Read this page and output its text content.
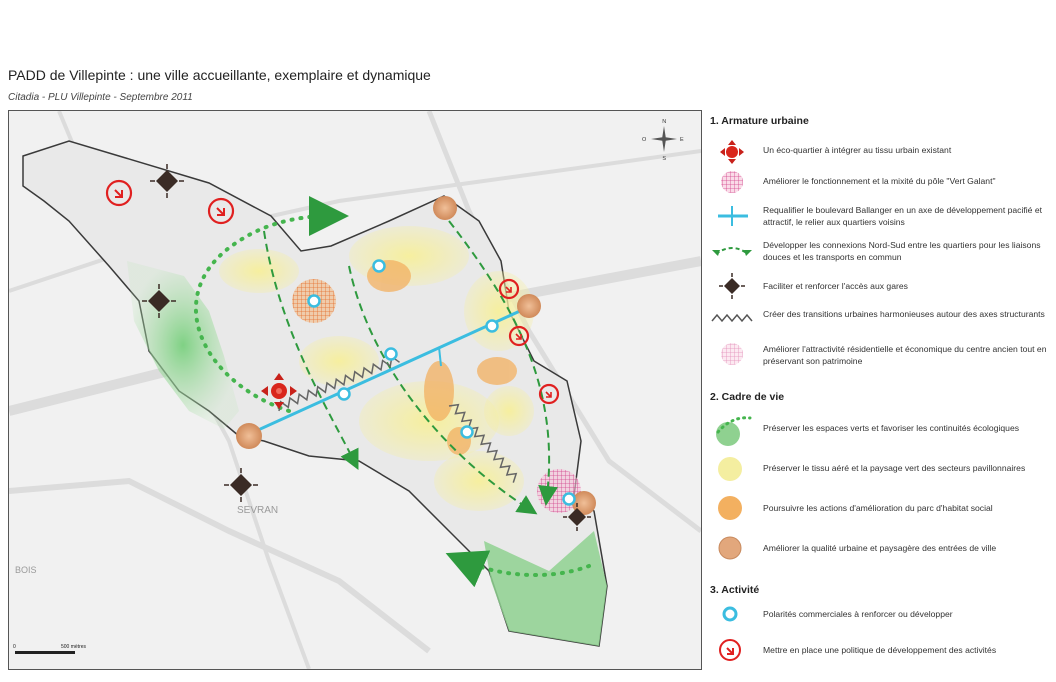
PADD de Villepinte : une ville accueillante, exemplaire et dynamique
Citadia - PLU Villepinte - Septembre 2011
SEVRAN
BOIS
N
S
E
O
0	500 mètres
1. Armature urbaine
Un éco-quartier à intégrer au tissu urbain existant
Améliorer le fonctionnement et la mixité du pôle "Vert Galant"
Requalifier le boulevard Ballanger en un axe de développement pacifié et attractif, le relier aux quartiers voisins
Développer les connexions Nord-Sud entre les quartiers pour les liaisons douces et les transports en commun
Faciliter et renforcer l'accès aux gares
Créer des transitions urbaines harmonieuses autour des axes structurants
Améliorer l'attractivité résidentielle et économique du centre ancien tout en préservant son patrimoine
2. Cadre de vie
Préserver les espaces verts et favoriser les continuités écologiques
Préserver le tissu aéré et la paysage vert des secteurs pavillonnaires
Poursuivre les actions d'amélioration du parc d'habitat social
Améliorer la qualité urbaine et paysagère des entrées de ville
3. Activité
Polarités commerciales à renforcer ou développer
Mettre en place une politique de développement des activités
